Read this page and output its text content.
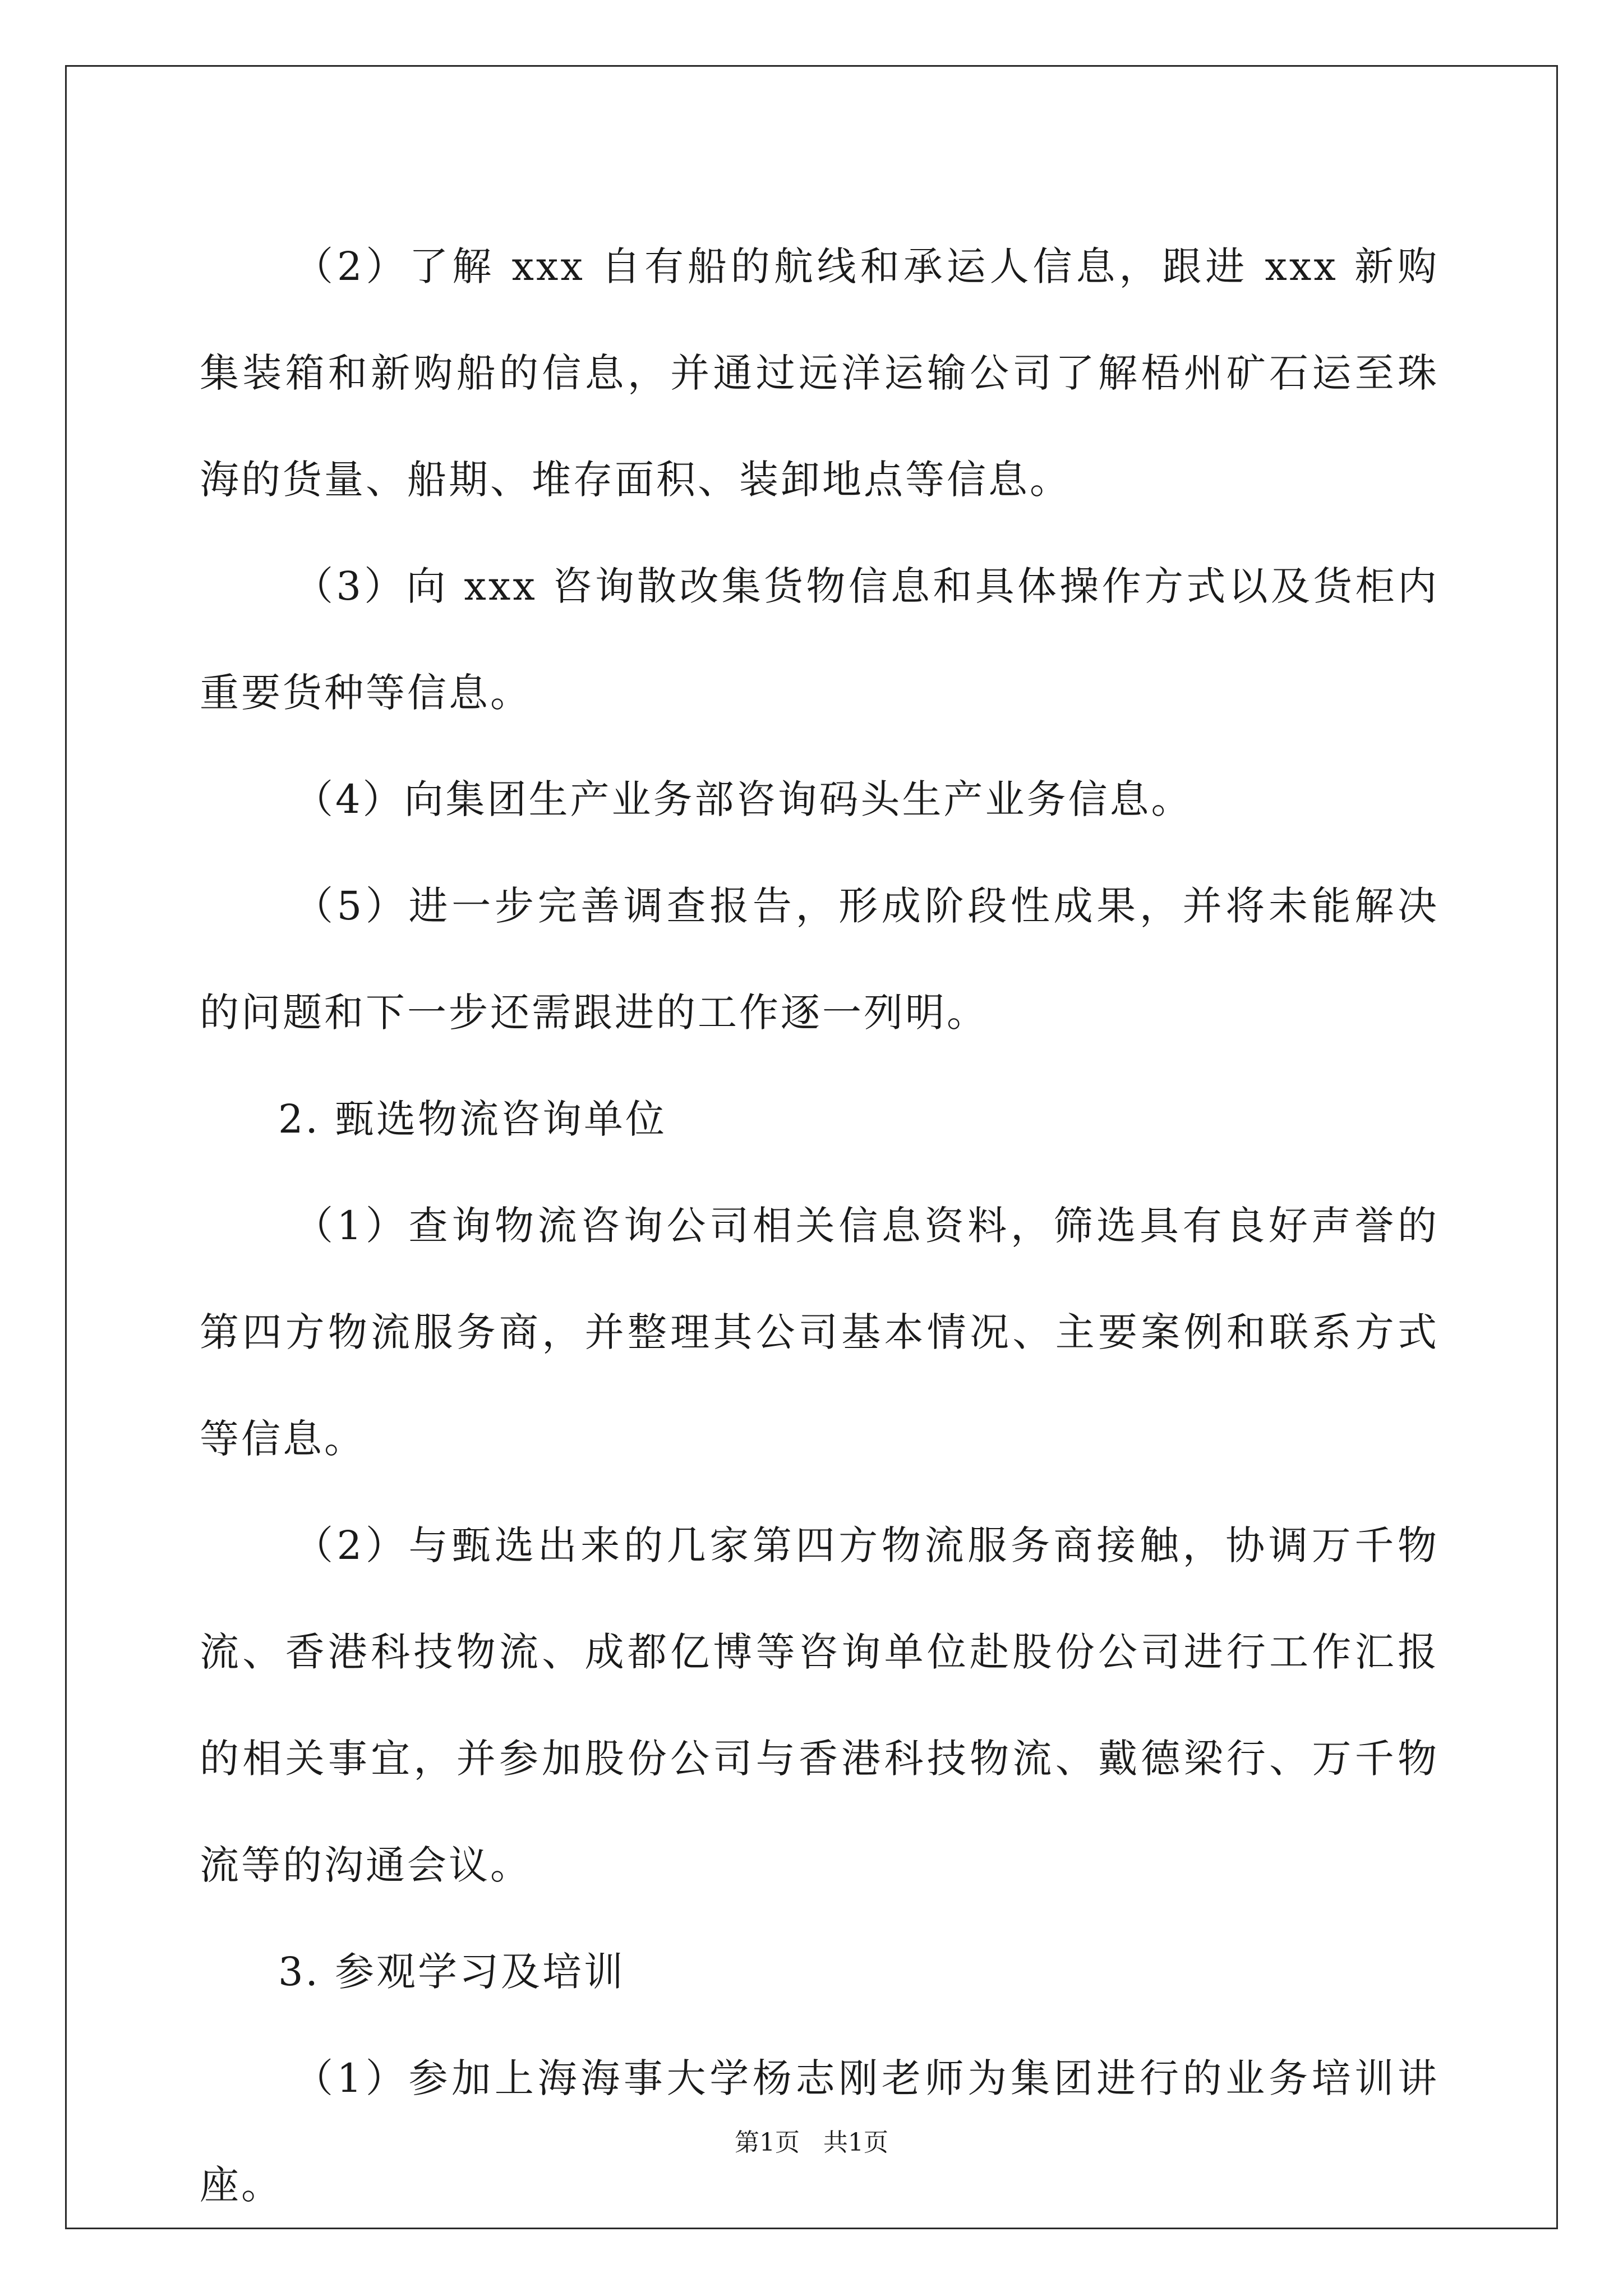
（2）了解 xxx 自有船的航线和承运人信息，跟进 xxx 新购集装箱和新购船的信息，并通过远洋运输公司了解梧州矿石运至珠海的货量、船期、堆存面积、装卸地点等信息。

（3）向 xxx 咨询散改集货物信息和具体操作方式以及货柜内重要货种等信息。

（4）向集团生产业务部咨询码头生产业务信息。

（5）进一步完善调查报告，形成阶段性成果，并将未能解决的问题和下一步还需跟进的工作逐一列明。

2. 甄选物流咨询单位

（1）查询物流咨询公司相关信息资料，筛选具有良好声誉的第四方物流服务商，并整理其公司基本情况、主要案例和联系方式等信息。

（2）与甄选出来的几家第四方物流服务商接触，协调万千物流、香港科技物流、成都亿博等咨询单位赴股份公司进行工作汇报的相关事宜，并参加股份公司与香港科技物流、戴德梁行、万千物流等的沟通会议。

3. 参观学习及培训

（1）参加上海海事大学杨志刚老师为集团进行的业务培训讲座。

第1页 共1页
